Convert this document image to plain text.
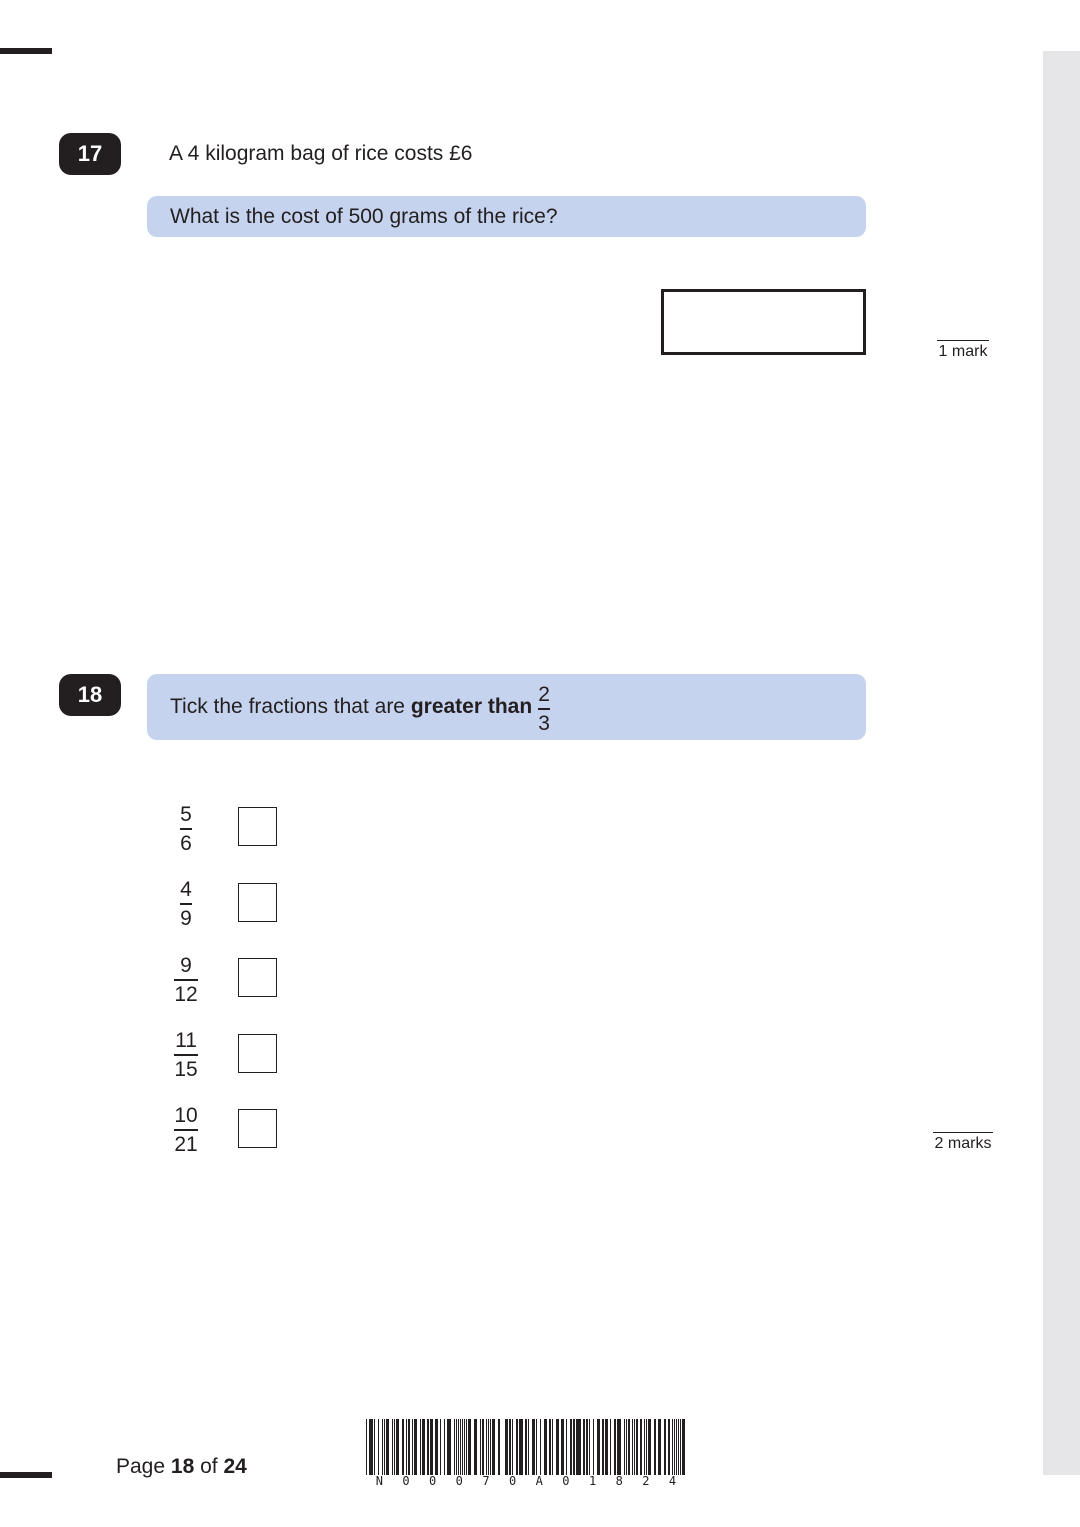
17	A 4 kilogram bag of rice costs £6
What is the cost of 500 grams of the rice?
1 mark
18	Tick the fractions that are greater than $\frac{2}{3}$
$\frac{5}{6}$
$\frac{4}{9}$
$\frac{9}{12}$
$\frac{11}{15}$
$\frac{10}{21}$	2 marks
Page 18 of 24
N 0 0 0 7 0 A 0 1 8 2 4
